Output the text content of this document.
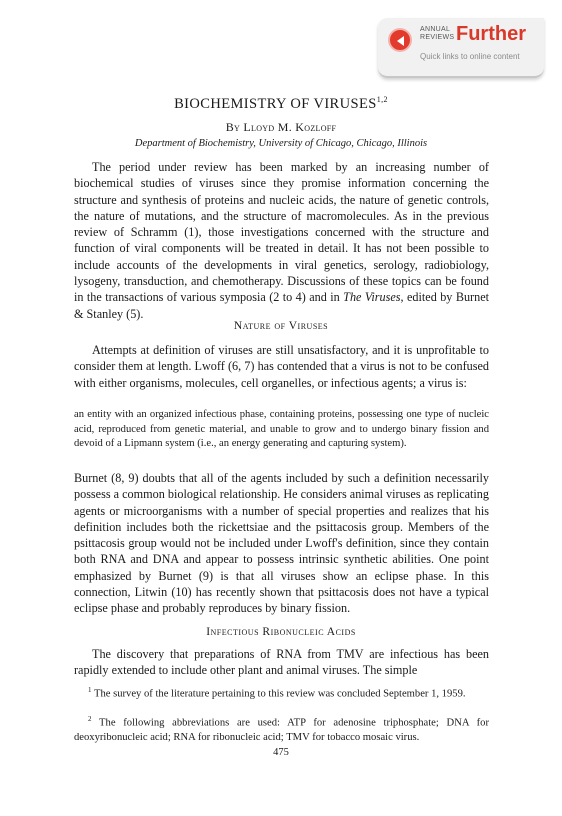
ANNUAL
REVIEWS Further
Quick links to online content
BIOCHEMISTRY OF VIRUSES$^{1,2}$
By Lloyd M. Kozloff
Department of Biochemistry, University of Chicago, Chicago, Illinois

The period under review has been marked by an increasing number of biochemical studies of viruses since they promise information concerning the structure and synthesis of proteins and nucleic acids, the nature of genetic controls, the nature of mutations, and the structure of macromolecules. As in the previous review of Schramm (1), those investigations concerned with the structure and function of viral components will be treated in detail. It has not been possible to include accounts of the developments in viral genetics, serology, radiobiology, lysogeny, transduction, and chemotherapy. Discussions of these topics can be found in the transactions of various symposia (2 to 4) and in The Viruses, edited by Burnet & Stanley (5).

Nature of Viruses

Attempts at definition of viruses are still unsatisfactory, and it is unprofitable to consider them at length. Lwoff (6, 7) has contended that a virus is not to be confused with either organisms, molecules, cell organelles, or infectious agents; a virus is:

an entity with an organized infectious phase, containing proteins, possessing one type of nucleic acid, reproduced from genetic material, and unable to grow and to undergo binary fission and devoid of a Lipmann system (i.e., an energy generating and capturing system).

Burnet (8, 9) doubts that all of the agents included by such a definition necessarily possess a common biological relationship. He considers animal viruses as replicating agents or microorganisms with a number of special properties and realizes that his definition includes both the rickettsiae and the psittacosis group. Members of the psittacosis group would not be included under Lwoff's definition, since they contain both RNA and DNA and appear to possess intrinsic synthetic abilities. One point emphasized by Burnet (9) is that all viruses show an eclipse phase. In this connection, Litwin (10) has recently shown that psittacosis does not have a typical eclipse phase and probably reproduces by binary fission.

Infectious Ribonucleic Acids

The discovery that preparations of RNA from TMV are infectious has been rapidly extended to include other plant and animal viruses. The simple

$^1$ The survey of the literature pertaining to this review was concluded September 1, 1959.

$^2$ The following abbreviations are used: ATP for adenosine triphosphate; DNA for deoxyribonucleic acid; RNA for ribonucleic acid; TMV for tobacco mosaic virus.

475
